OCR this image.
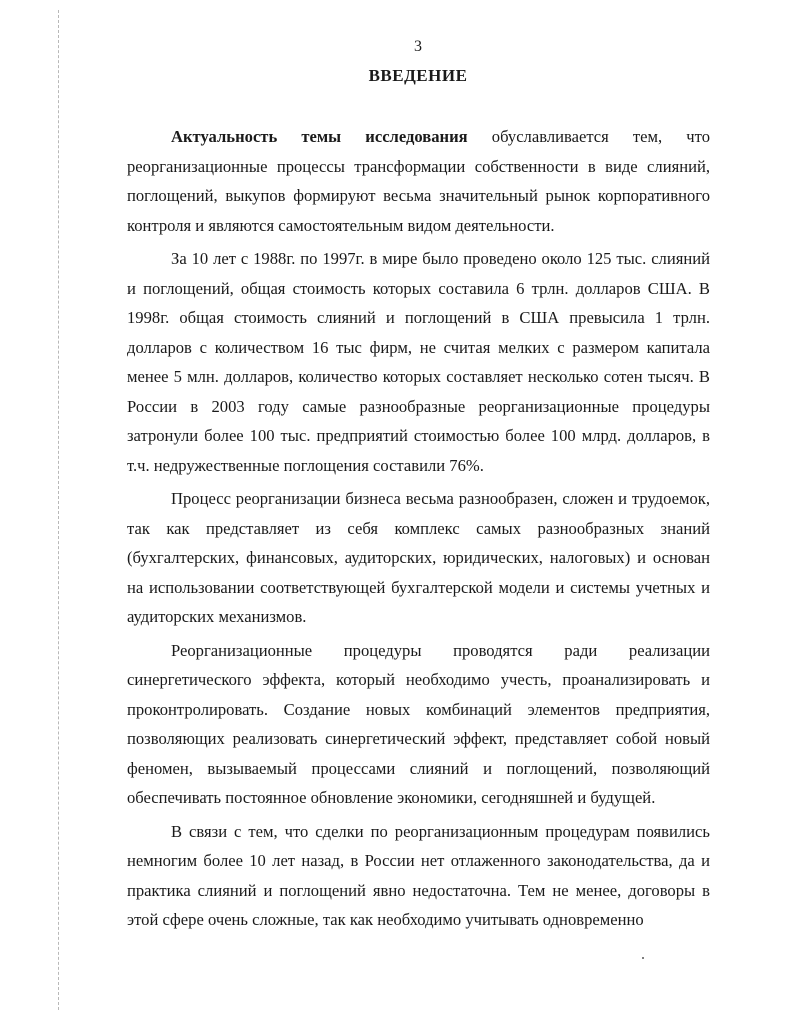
3
ВВЕДЕНИЕ

Актуальность темы исследования обуславливается тем, что реорганизационные процессы трансформации собственности в виде слияний, поглощений, выкупов формируют весьма значительный рынок корпоративного контроля и являются самостоятельным видом деятельности.

За 10 лет с 1988г. по 1997г. в мире было проведено около 125 тыс. слияний и поглощений, общая стоимость которых составила 6 трлн. долларов США. В 1998г. общая стоимость слияний и поглощений в США превысила 1 трлн. долларов с количеством 16 тыс фирм, не считая мелких с размером капитала менее 5 млн. долларов, количество которых составляет несколько сотен тысяч. В России в 2003 году самые разнообразные реорганизационные процедуры затронули более 100 тыс. предприятий стоимостью более 100 млрд. долларов, в т.ч. недружественные поглощения составили 76%.

Процесс реорганизации бизнеса весьма разнообразен, сложен и трудоемок, так как представляет из себя комплекс самых разнообразных знаний (бухгалтерских, финансовых, аудиторских, юридических, налоговых) и основан на использовании соответствующей бухгалтерской модели и системы учетных и аудиторских механизмов.

Реорганизационные процедуры проводятся ради реализации синергетического эффекта, который необходимо учесть, проанализировать и проконтролировать. Создание новых комбинаций элементов предприятия, позволяющих реализовать синергетический эффект, представляет собой новый феномен, вызываемый процессами слияний и поглощений, позволяющий обеспечивать постоянное обновление экономики, сегодняшней и будущей.

В связи с тем, что сделки по реорганизационным процедурам появились немногим более 10 лет назад, в России нет отлаженного законодательства, да и практика слияний и поглощений явно недостаточна. Тем не менее, договоры в этой сфере очень сложные, так как необходимо учитывать одновременно
